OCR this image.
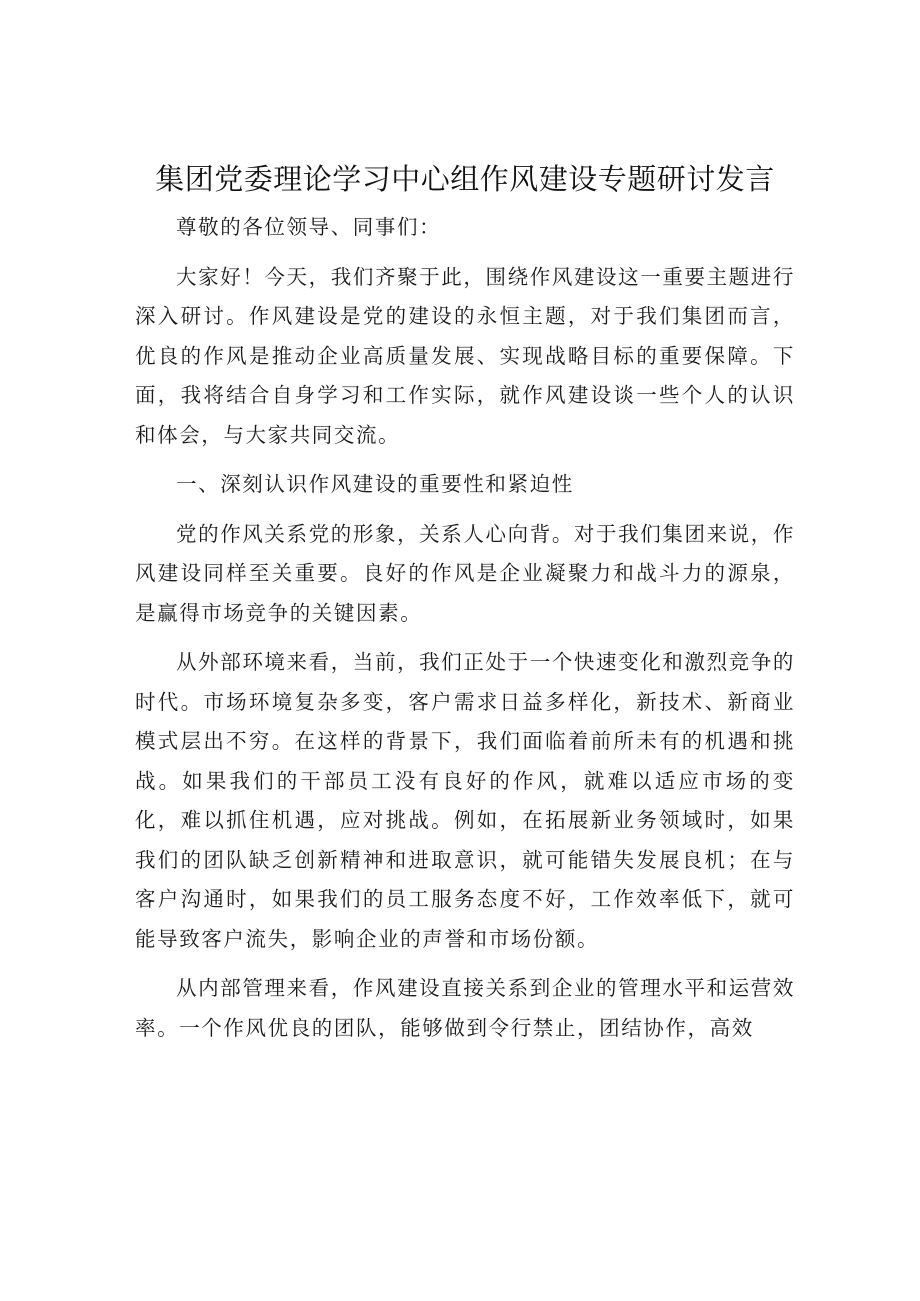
集团党委理论学习中心组作风建设专题研讨发言

尊敬的各位领导、同事们：

大家好！今天，我们齐聚于此，围绕作风建设这一重要主题进行深入研讨。作风建设是党的建设的永恒主题，对于我们集团而言，优良的作风是推动企业高质量发展、实现战略目标的重要保障。下面，我将结合自身学习和工作实际，就作风建设谈一些个人的认识和体会，与大家共同交流。

一、深刻认识作风建设的重要性和紧迫性

党的作风关系党的形象，关系人心向背。对于我们集团来说，作风建设同样至关重要。良好的作风是企业凝聚力和战斗力的源泉，是赢得市场竞争的关键因素。

从外部环境来看，当前，我们正处于一个快速变化和激烈竞争的时代。市场环境复杂多变，客户需求日益多样化，新技术、新商业模式层出不穷。在这样的背景下，我们面临着前所未有的机遇和挑战。如果我们的干部员工没有良好的作风，就难以适应市场的变化，难以抓住机遇，应对挑战。例如，在拓展新业务领域时，如果我们的团队缺乏创新精神和进取意识，就可能错失发展良机；在与客户沟通时，如果我们的员工服务态度不好，工作效率低下，就可能导致客户流失，影响企业的声誉和市场份额。

从内部管理来看，作风建设直接关系到企业的管理水平和运营效率。一个作风优良的团队，能够做到令行禁止，团结协作，高效
